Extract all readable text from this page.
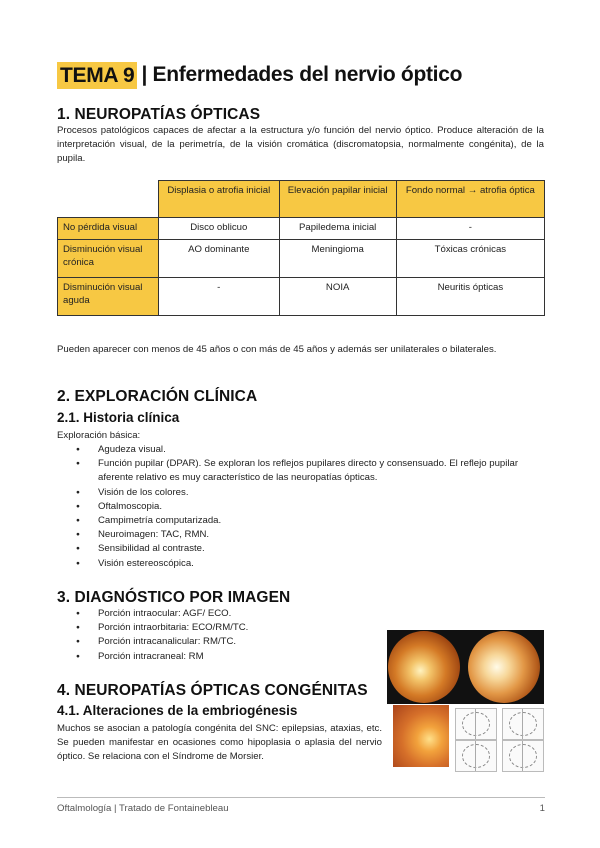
TEMA 9 | Enfermedades del nervio óptico
1. NEUROPATÍAS ÓPTICAS

Procesos patológicos capaces de afectar a la estructura y/o función del nervio óptico. Produce alteración de la interpretación visual, de la perimetría, de la visión cromática (discromatopsia, normalmente congénita), de la pupila.

	Displasia o atrofia inicial	Elevación papilar inicial	Fondo normal → atrofia óptica
No pérdida visual	Disco oblicuo	Papiledema inicial	-
Disminución visual crónica	AO dominante	Meningioma	Tóxicas crónicas
Disminución visual aguda	-	NOIA	Neuritis ópticas

Pueden aparecer con menos de 45 años o con más de 45 años y además ser unilaterales o bilaterales.

2. EXPLORACIÓN CLÍNICA
2.1. Historia clínica

Exploración básica:

● Agudeza visual.
● Función pupilar (DPAR). Se exploran los reflejos pupilares directo y consensuado. El reflejo pupilar aferente relativo es muy característico de las neuropatías ópticas.
● Visión de los colores.
● Oftalmoscopia.
● Campimetría computarizada.
● Neuroimagen: TAC, RMN.
● Sensibilidad al contraste.
● Visión estereoscópica.
3. DIAGNÓSTICO POR IMAGEN
● Porción intraocular: AGF/ ECO.
● Porción intraorbitaria: ECO/RM/TC.
● Porción intracanalicular: RM/TC.
● Porción intracraneal: RM
4. NEUROPATÍAS ÓPTICAS CONGÉNITAS
4.1. Alteraciones de la embriogénesis

Muchos se asocian a patología congénita del SNC: epilepsias, ataxias, etc. Se pueden manifestar en ocasiones como hipoplasia o aplasia del nervio óptico. Se relaciona con el Síndrome de Morsier.

Oftalmología | Tratado de Fontainebleau	1
